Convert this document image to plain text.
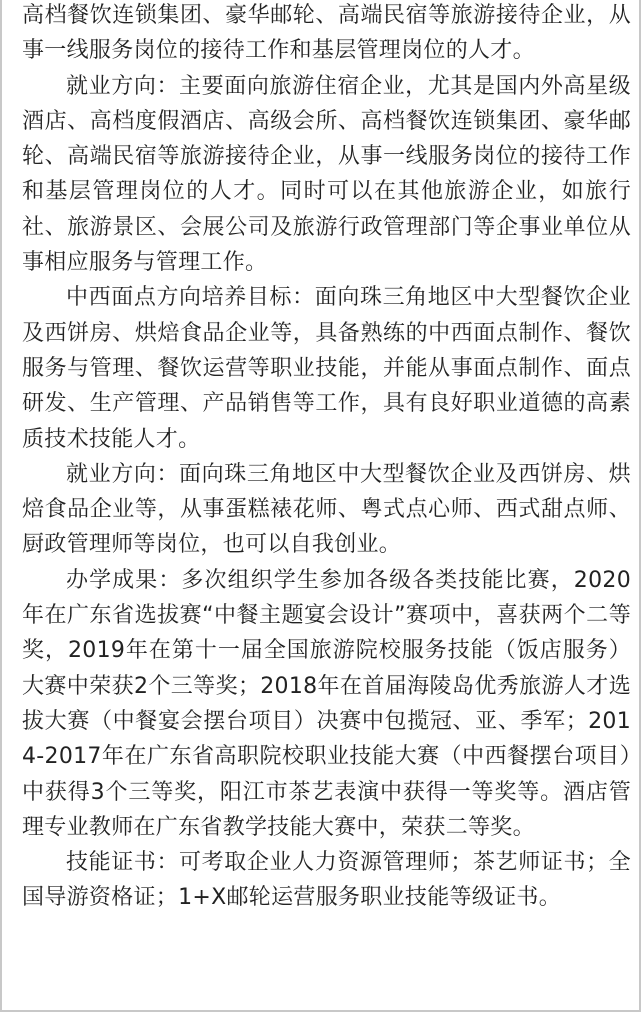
高档餐饮连锁集团、豪华邮轮、高端民宿等旅游接待企业，从事一线服务岗位的接待工作和基层管理岗位的人才。

就业方向：主要面向旅游住宿企业，尤其是国内外高星级酒店、高档度假酒店、高级会所、高档餐饮连锁集团、豪华邮轮、高端民宿等旅游接待企业，从事一线服务岗位的接待工作和基层管理岗位的人才。同时可以在其他旅游企业，如旅行社、旅游景区、会展公司及旅游行政管理部门等企事业单位从事相应服务与管理工作。

中西面点方向培养目标：面向珠三角地区中大型餐饮企业及西饼房、烘焙食品企业等，具备熟练的中西面点制作、餐饮服务与管理、餐饮运营等职业技能，并能从事面点制作、面点研发、生产管理、产品销售等工作，具有良好职业道德的高素质技术技能人才。

就业方向：面向珠三角地区中大型餐饮企业及西饼房、烘焙食品企业等，从事蛋糕裱花师、粤式点心师、西式甜点师、厨政管理师等岗位，也可以自我创业。

办学成果：多次组织学生参加各级各类技能比赛，2020年在广东省选拔赛“中餐主题宴会设计”赛项中，喜获两个二等奖，2019年在第十一届全国旅游院校服务技能（饭店服务）大赛中荣获2个三等奖；2018年在首届海陵岛优秀旅游人才选拔大赛（中餐宴会摆台项目）决赛中包揽冠、亚、季军；2014-2017年在广东省高职院校职业技能大赛（中西餐摆台项目）中获得3个三等奖，阳江市茶艺表演中获得一等奖等。酒店管理专业教师在广东省教学技能大赛中，荣获二等奖。

技能证书：可考取企业人力资源管理师；茶艺师证书；全国导游资格证；1+X邮轮运营服务职业技能等级证书。
